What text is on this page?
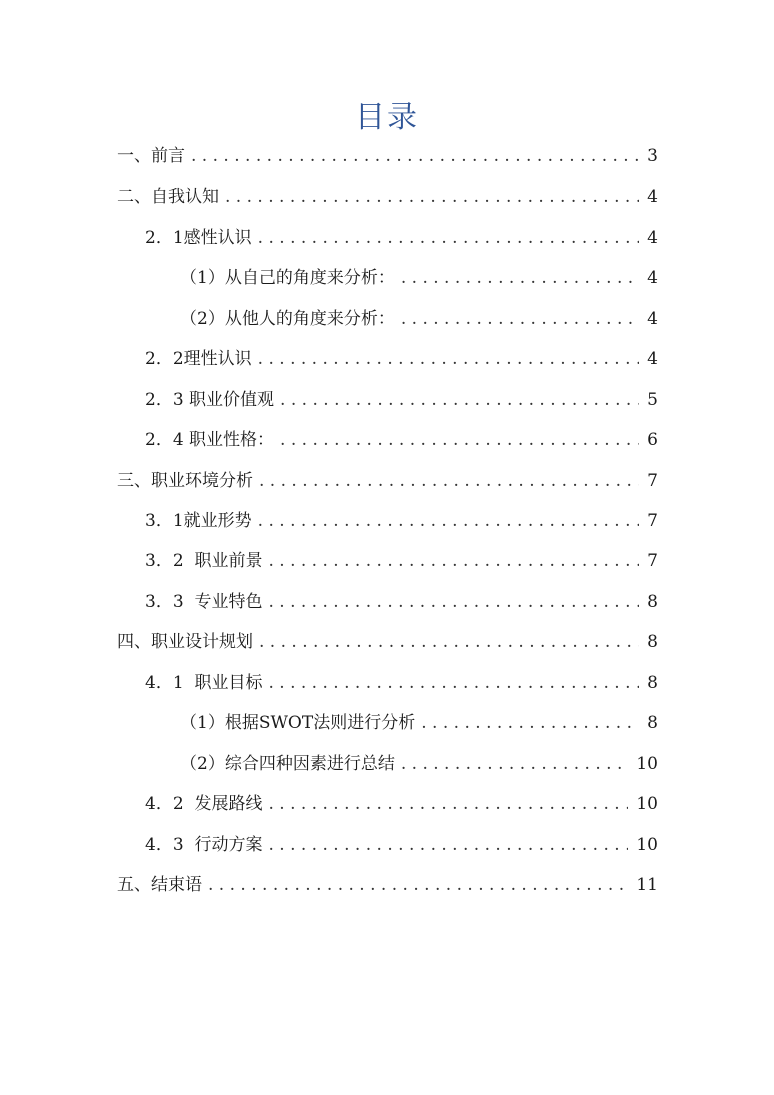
目录
一、前言 . . .	3
二、自我认知 . . .	4
2．1感性认识 . . .	4
（1）从自己的角度来分析： . . .	4
（2）从他人的角度来分析： . . .	4
2．2理性认识 . . .	4
2．3 职业价值观 . . .	5
2．4 职业性格： . . .	6
三、职业环境分析 . . .	7
3．1就业形势 . . .	7
3．2  职业前景 . . .	7
3．3  专业特色 . . .	8
四、职业设计规划 . . .	8
4．1  职业目标 . . .	8
（1）根据SWOT法则进行分析 . . .	8
（2）综合四种因素进行总结 . . .	10
4．2  发展路线 . . .	10
4．3  行动方案 . . .	10
五、结束语 . . .	11
